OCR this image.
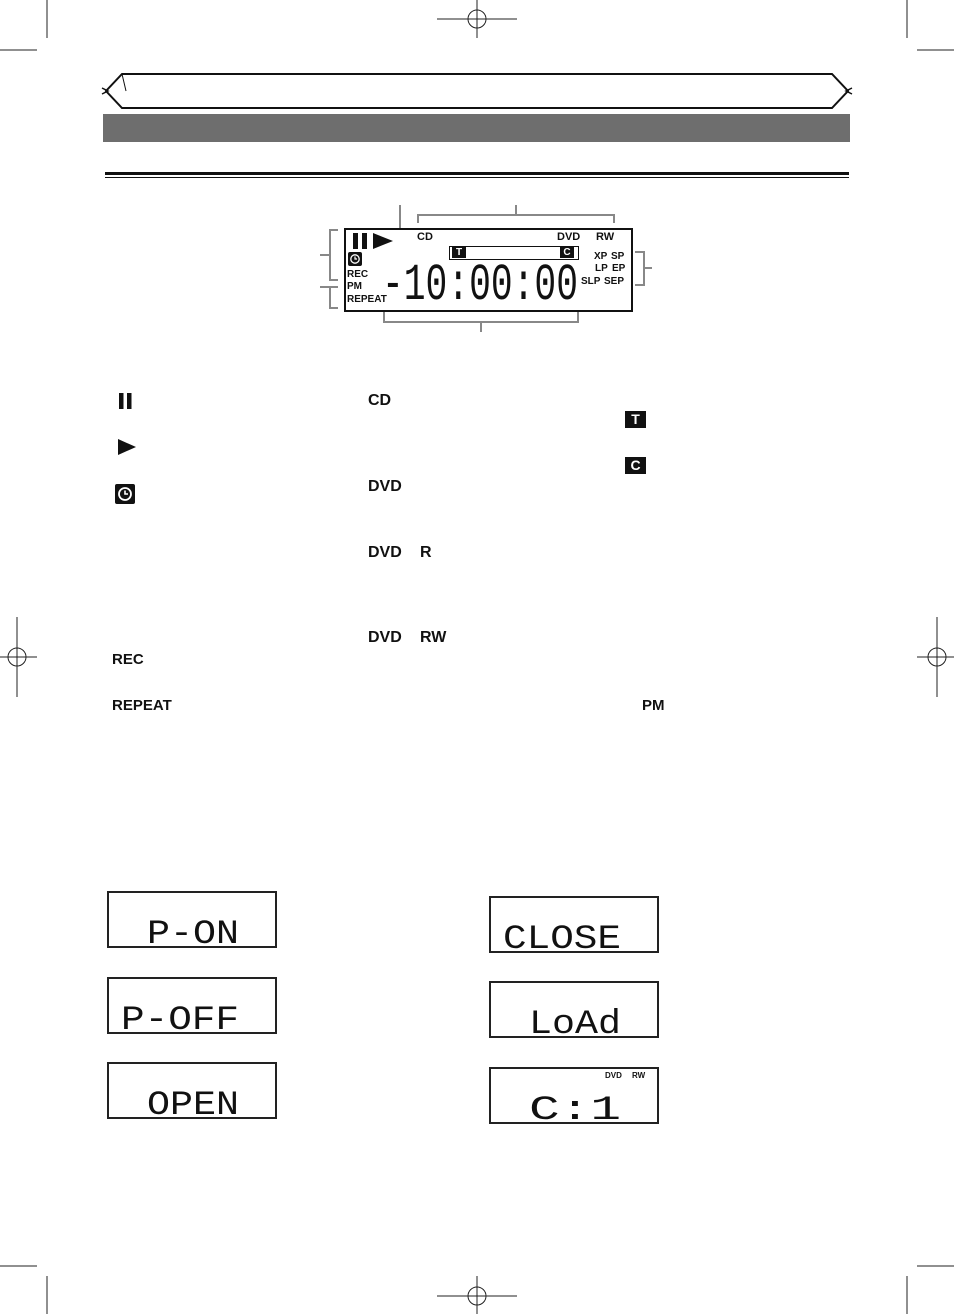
CD	DVD RW
T	C	XP SP
LP EP
SLP SEP
REC
PM
REPEAT
-10:00:00
REC
REPEAT
CD
DVD
DVD R
DVD RW
T
C
PM
P-ON
P-OFF
OPEN
CLOSE
LoAd
DVD RW
C:1
